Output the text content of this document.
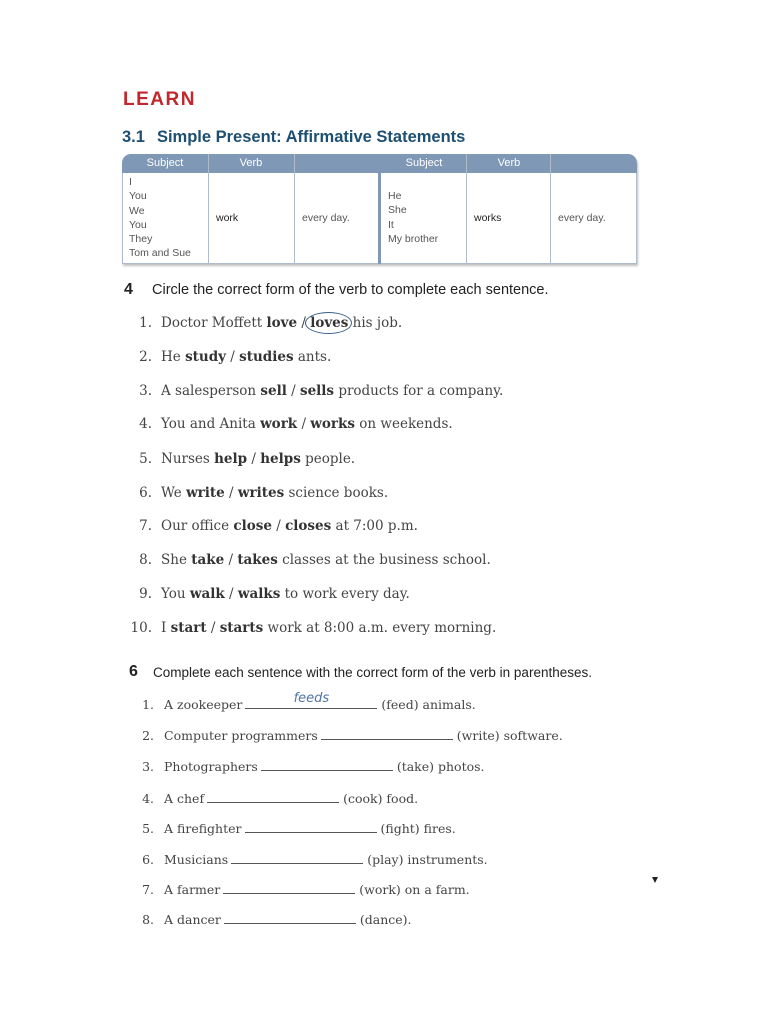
LEARN
3.1 Simple Present: Affirmative Statements
Subject	Verb	Subject	Verb
I
You
We
You
They
Tom and Sue
work	every day.
He
She
It
My brother
works	every day.
4 Circle the correct form of the verb to complete each sentence.
1. Doctor Moffett love / loves his job.
2. He study / studies ants.
3. A salesperson sell / sells products for a company.
4. You and Anita work / works on weekends.
5. Nurses help / helps people.
6. We write / writes science books.
7. Our office close / closes at 7:00 p.m.
8. She take / takes classes at the business school.
9. You walk / walks to work every day.
10. I start / starts work at 8:00 a.m. every morning.
6 Complete each sentence with the correct form of the verb in parentheses.
1. A zookeeper	feeds	(feed) animals.
2. Computer programmers	(write) software.
3. Photographers	(take) photos.
4. A chef	(cook) food.
5. A firefighter	(fight) fires.
6. Musicians	(play) instruments.
7. A farmer	(work) on a farm.
8. A dancer	(dance).
